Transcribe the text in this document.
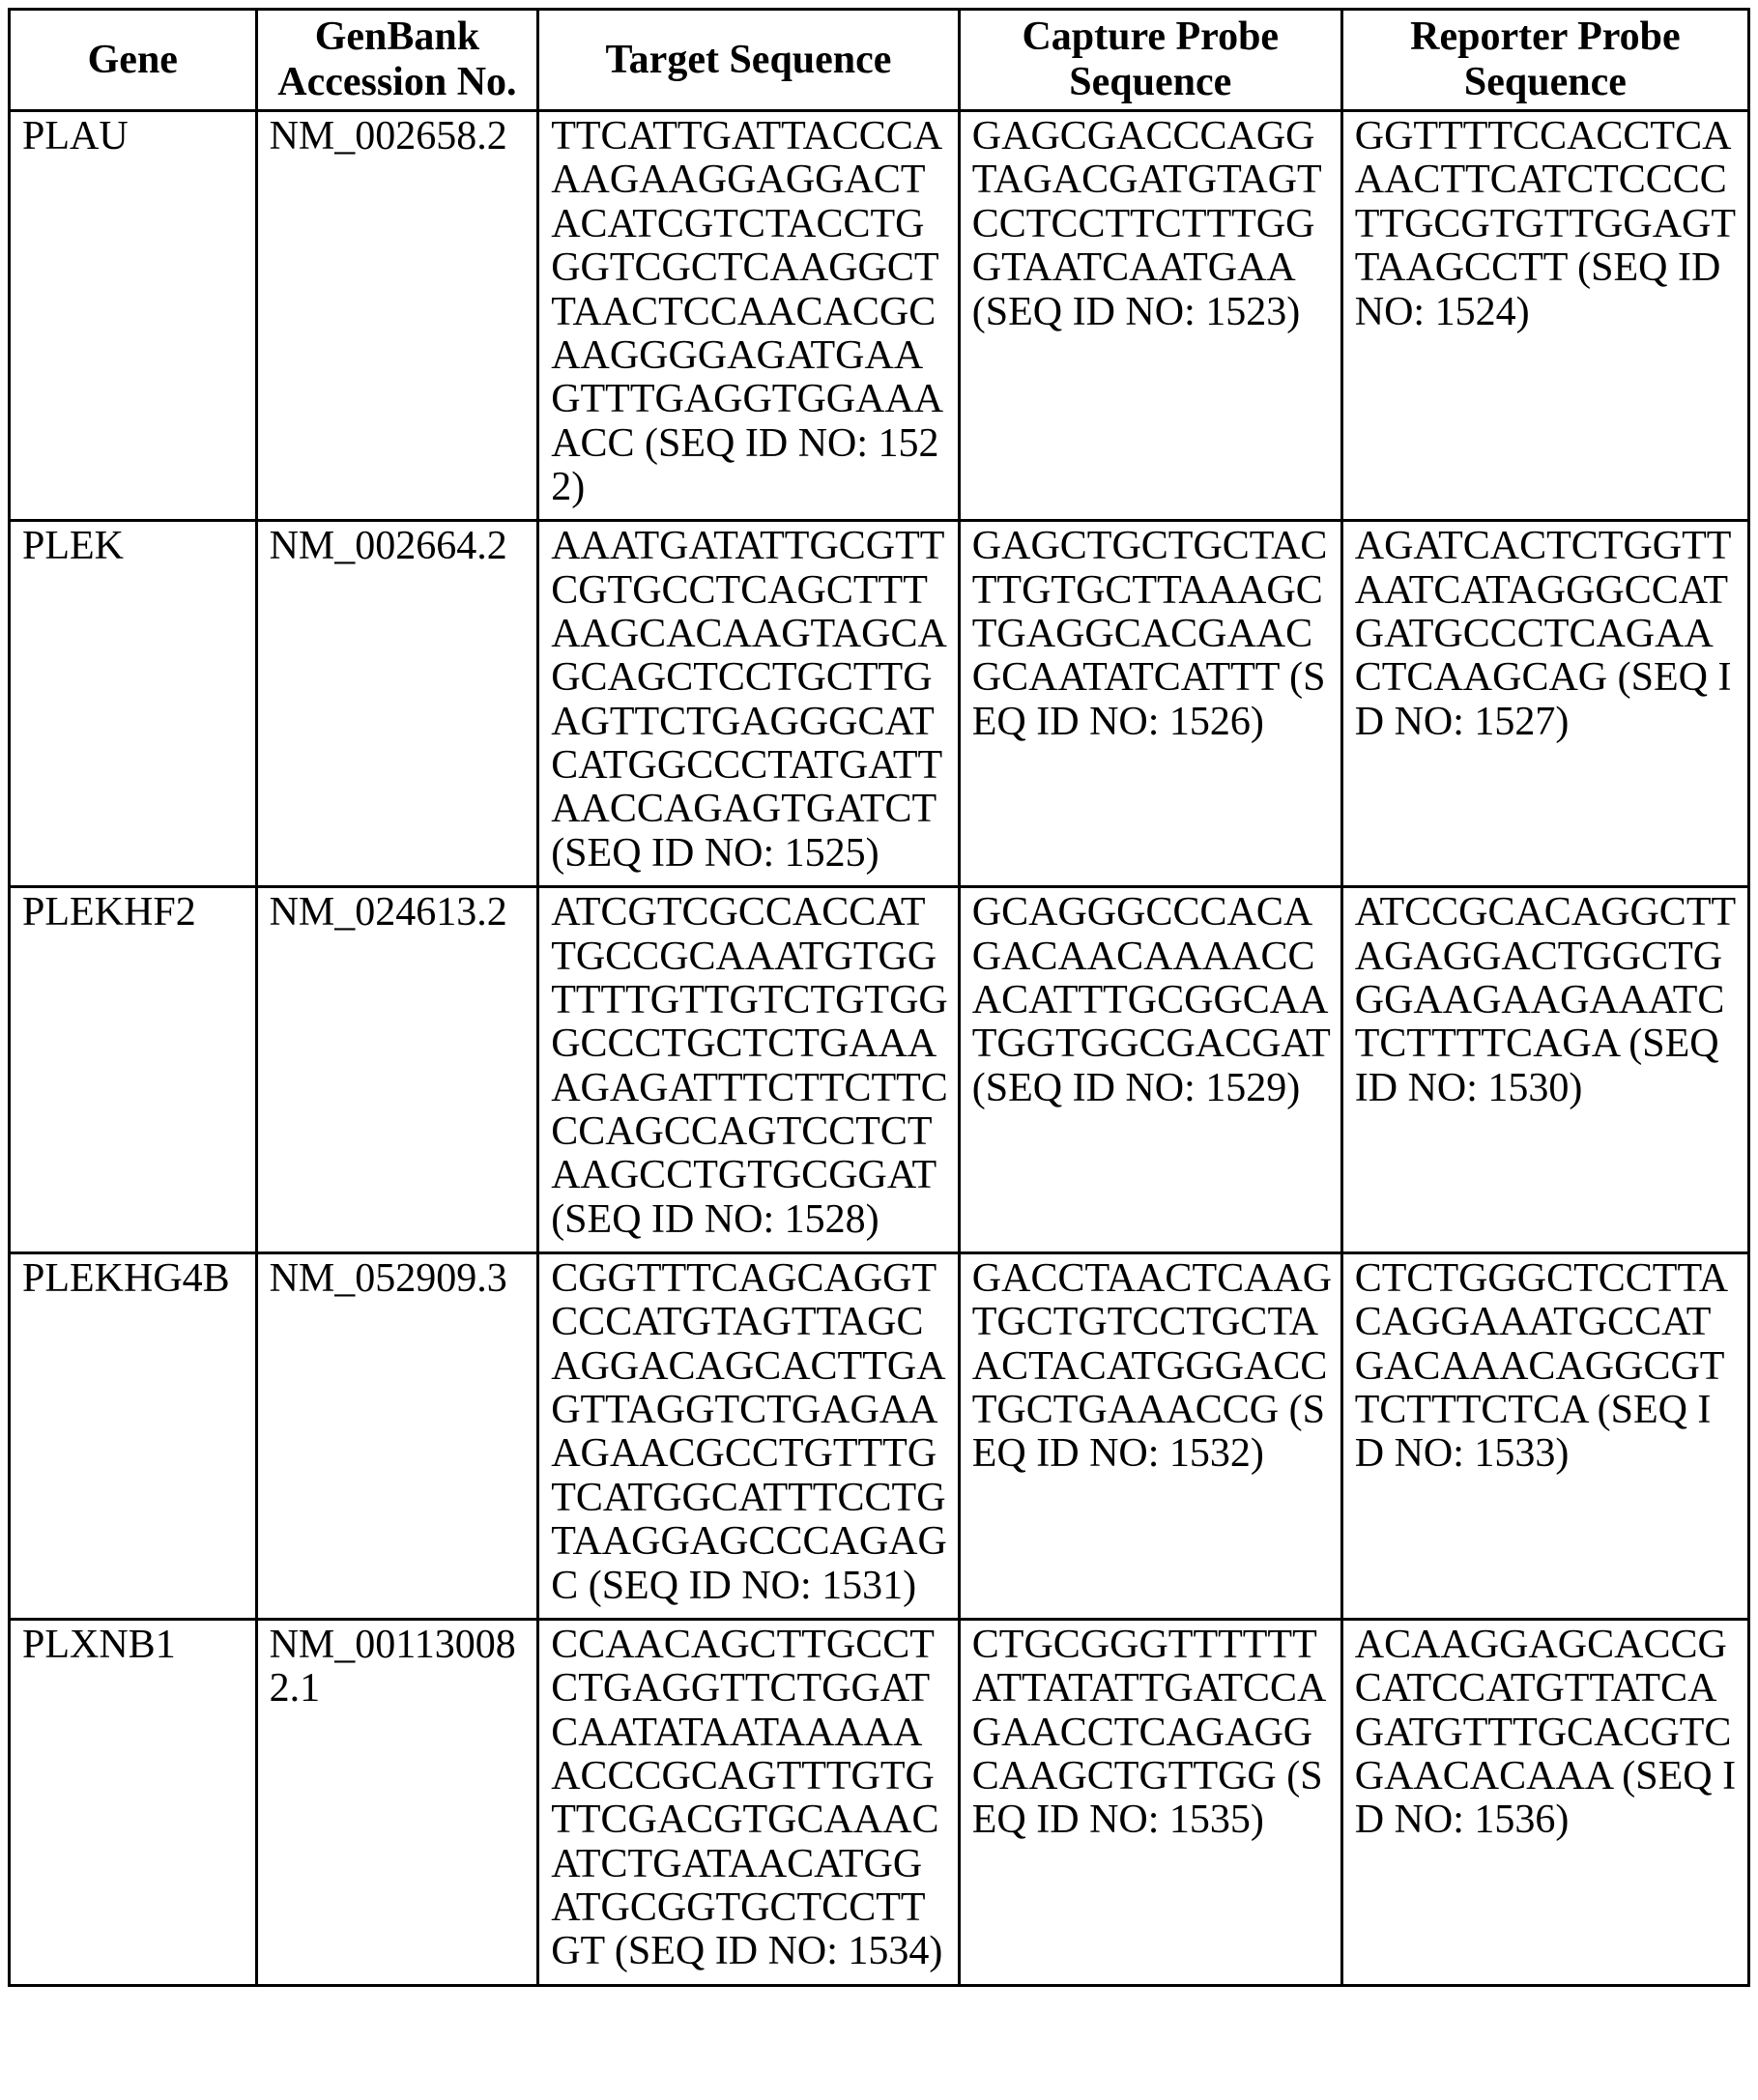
Gene	GenBank Accession No.	Target Sequence	Capture Probe Sequence	Reporter Probe Sequence
PLAU	NM_002658.2	TTCATTGATTACCCAAAGAAGGAGGACTACATCGTCTACCTGGGTCGCTCAAGGCTTAACTCCAACACGCAAGGGGAGATGAAGTTTGAGGTGGAAAACC (SEQ ID NO: 1522)	GAGCGACCCAGGTAGACGATGTAGTCCTCCTTCTTTGGGTAATCAATGAA (SEQ ID NO: 1523)	GGTTTTCCACCTCAAACTTCATCTCCCCTTGCGTGTTGGAGTTAAGCCTT (SEQ ID NO: 1524)
PLEK	NM_002664.2	AAATGATATTGCGTTCGTGCCTCAGCTTTAAGCACAAGTAGCAGCAGCTCCTGCTTGAGTTCTGAGGGCATCATGGCCCTATGATTAACCAGAGTGATCT (SEQ ID NO: 1525)	GAGCTGCTGCTACTTGTGCTTAAAGCTGAGGCACGAACGCAATATCATTT (SEQ ID NO: 1526)	AGATCACTCTGGTTAATCATAGGGCCATGATGCCCTCAGAACTCAAGCAG (SEQ ID NO: 1527)
PLEKHF2	NM_024613.2	ATCGTCGCCACCATTGCCGCAAATGTGGTTTTGTTGTCTGTGGGCCCTGCTCTGAAAAGAGATTTCTTCTTCCCAGCCAGTCCTCTAAGCCTGTGCGGAT (SEQ ID NO: 1528)	GCAGGGCCCACAGACAACAAAACCACATTTGCGGCAATGGTGGCGACGAT (SEQ ID NO: 1529)	ATCCGCACAGGCTTAGAGGACTGGCTGGGAAGAAGAAATCTCTTTTCAGA (SEQ ID NO: 1530)
PLEKHG4B	NM_052909.3	CGGTTTCAGCAGGTCCCATGTAGTTAGCAGGACAGCACTTGAGTTAGGTCTGAGAAAGAACGCCTGTTTGTCATGGCATTTCCTGTAAGGAGCCCAGAGC (SEQ ID NO: 1531)	GACCTAACTCAAGTGCTGTCCTGCTAACTACATGGGACCTGCTGAAACCG (SEQ ID NO: 1532)	CTCTGGGCTCCTTACAGGAAATGCCATGACAAACAGGCGTTCTTTCTCA (SEQ ID NO: 1533)
PLXNB1	NM_001130082.1	CCAACAGCTTGCCTCTGAGGTTCTGGATCAATATAATAAAAAACCCGCAGTTTGTGTTCGACGTGCAAACATCTGATAACATGGATGCGGTGCTCCTTGT (SEQ ID NO: 1534)	CTGCGGGTTTTTTATTATATTGATCCAGAACCTCAGAGGCAAGCTGTTGG (SEQ ID NO: 1535)	ACAAGGAGCACCGCATCCATGTTATCAGATGTTTGCACGTCGAACACAAA (SEQ ID NO: 1536)
